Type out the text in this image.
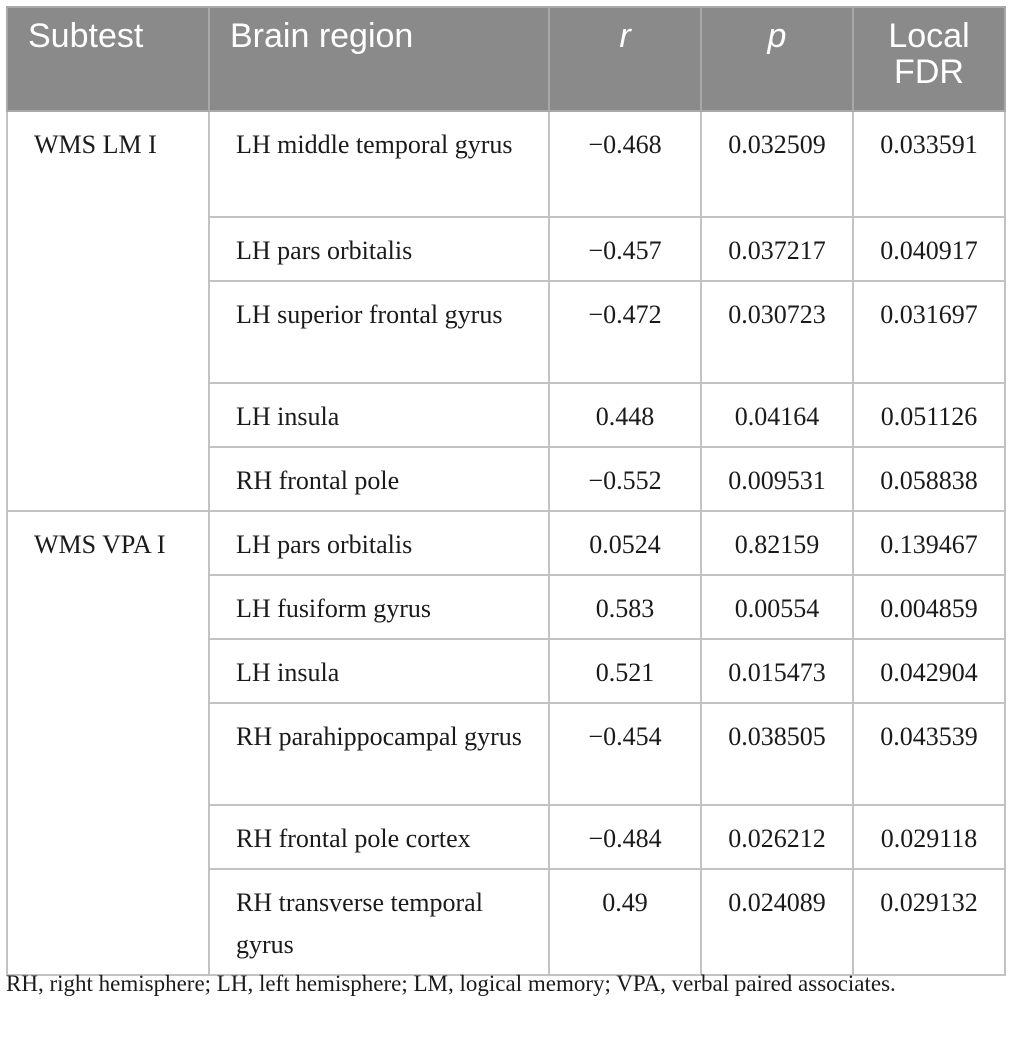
Subtest	Brain region	r	p	Local
FDR
WMS LM I	LH middle temporal gyrus	−0.468	0.032509	0.033591
	LH pars orbitalis	−0.457	0.037217	0.040917
	LH superior frontal gyrus	−0.472	0.030723	0.031697
	LH insula	0.448	0.04164	0.051126
	RH frontal pole	−0.552	0.009531	0.058838
WMS VPA I	LH pars orbitalis	0.0524	0.82159	0.139467
	LH fusiform gyrus	0.583	0.00554	0.004859
	LH insula	0.521	0.015473	0.042904
	RH parahippocampal gyrus	−0.454	0.038505	0.043539
	RH frontal pole cortex	−0.484	0.026212	0.029118
	RH transverse temporal gyrus	0.49	0.024089	0.029132
RH, right hemisphere; LH, left hemisphere; LM, logical memory; VPA, verbal paired associates.
